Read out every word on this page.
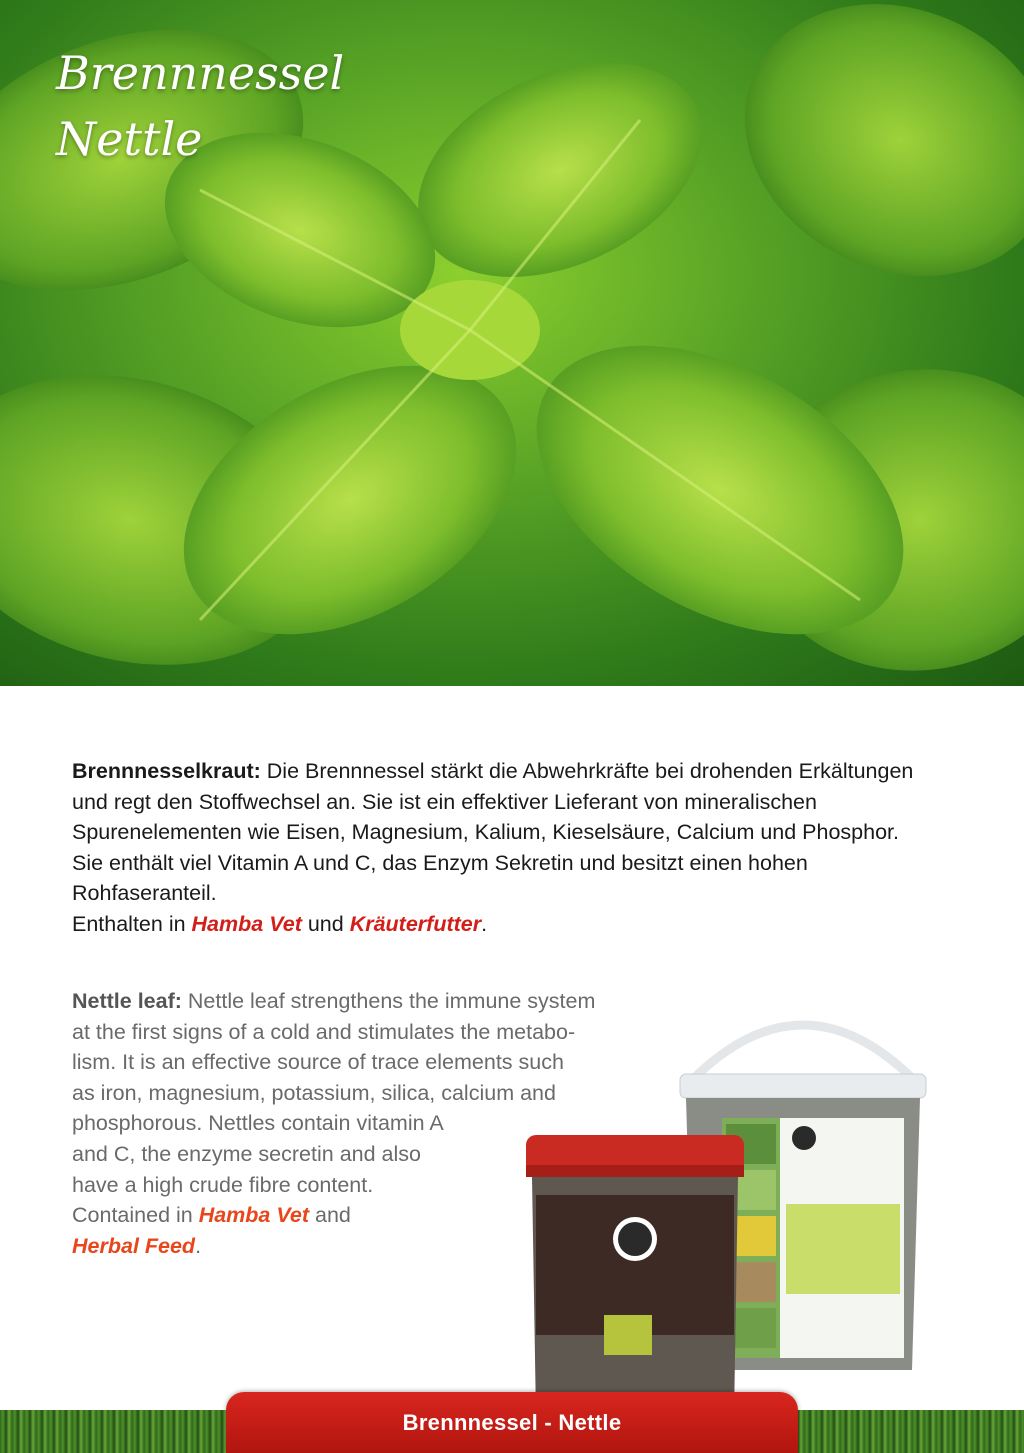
Brennnessel
Nettle

Brennnesselkraut: Die Brennnessel stärkt die Abwehrkräfte bei drohenden Erkältungen und regt den Stoffwechsel an. Sie ist ein effektiver Lieferant von mineralischen Spurenelementen wie Eisen, Magnesium, Kalium, Kieselsäure, Calcium und Phosphor. Sie enthält viel Vitamin A und C, das Enzym Sekretin und besitzt einen hohen Rohfaseranteil.
Enthalten in Hamba Vet und Kräuterfutter.

Nettle leaf: Nettle leaf strengthens the immune system
at the first signs of a cold and stimulates the metabo-
lism. It is an effective source of trace elements such
as iron, magnesium, potassium, silica, calcium and
phosphorous. Nettles contain vitamin A
and C, the enzyme secretin and also
have a high crude fibre content.
Contained in Hamba Vet and
Herbal Feed.

Brennnessel - Nettle
